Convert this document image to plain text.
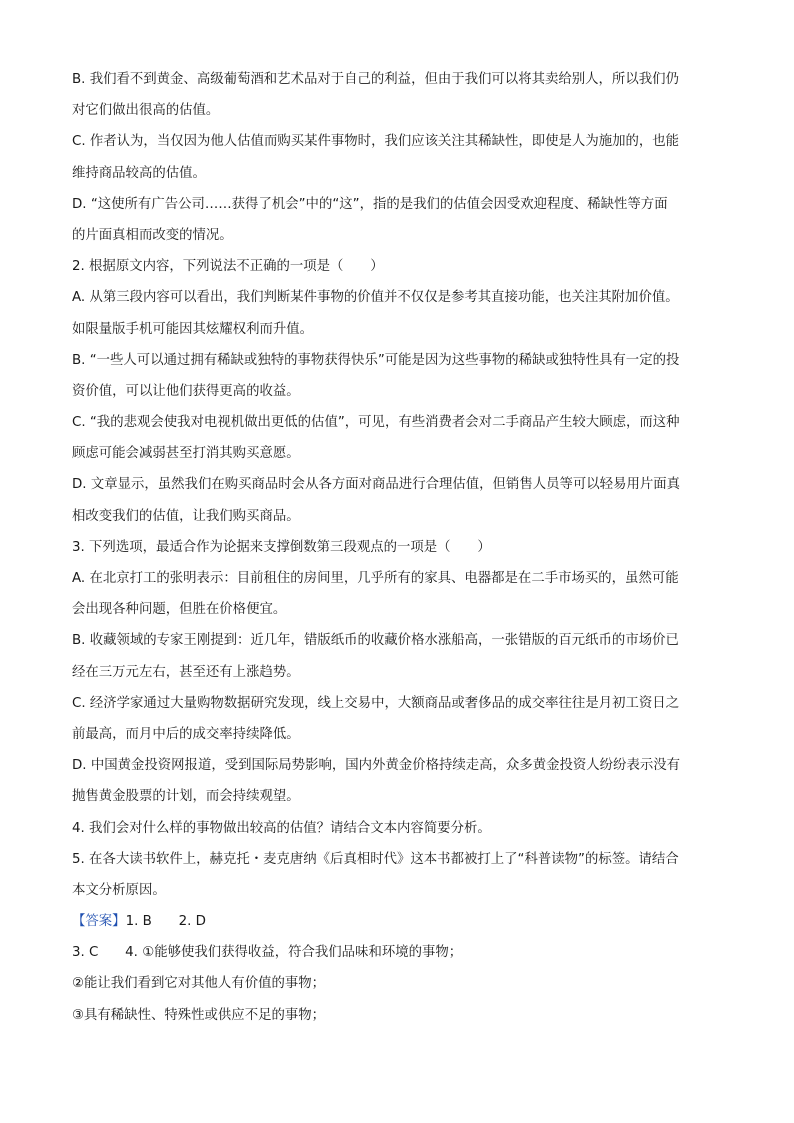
B. 我们看不到黄金、高级葡萄酒和艺术品对于自己的利益，但由于我们可以将其卖给别人，所以我们仍
对它们做出很高的估值。
C. 作者认为，当仅因为他人估值而购买某件事物时，我们应该关注其稀缺性，即使是人为施加的，也能
维持商品较高的估值。
D. “这使所有广告公司……获得了机会”中的“这”，指的是我们的估值会因受欢迎程度、稀缺性等方面
的片面真相而改变的情况。
2. 根据原文内容，下列说法不正确的一项是（　　）
A. 从第三段内容可以看出，我们判断某件事物的价值并不仅仅是参考其直接功能，也关注其附加价值。
如限量版手机可能因其炫耀权利而升值。
B. “一些人可以通过拥有稀缺或独特的事物获得快乐”可能是因为这些事物的稀缺或独特性具有一定的投
资价值，可以让他们获得更高的收益。
C. “我的悲观会使我对电视机做出更低的估值”，可见，有些消费者会对二手商品产生较大顾虑，而这种
顾虑可能会减弱甚至打消其购买意愿。
D. 文章显示，虽然我们在购买商品时会从各方面对商品进行合理估值，但销售人员等可以轻易用片面真
相改变我们的估值，让我们购买商品。
3. 下列选项，最适合作为论据来支撑倒数第三段观点的一项是（　　）
A. 在北京打工的张明表示：目前租住的房间里，几乎所有的家具、电器都是在二手市场买的，虽然可能
会出现各种问题，但胜在价格便宜。
B. 收藏领域的专家王刚提到：近几年，错版纸币的收藏价格水涨船高，一张错版的百元纸币的市场价已
经在三万元左右，甚至还有上涨趋势。
C. 经济学家通过大量购物数据研究发现，线上交易中，大额商品或奢侈品的成交率往往是月初工资日之
前最高，而月中后的成交率持续降低。
D. 中国黄金投资网报道，受到国际局势影响，国内外黄金价格持续走高，众多黄金投资人纷纷表示没有
抛售黄金股票的计划，而会持续观望。
4. 我们会对什么样的事物做出较高的估值？请结合文本内容简要分析。
5. 在各大读书软件上，赫克托・麦克唐纳《后真相时代》这本书都被打上了“科普读物”的标签。请结合
本文分析原因。
【答案】1. B　　2. D
3. C　　4. ①能够使我们获得收益，符合我们品味和环境的事物；
②能让我们看到它对其他人有价值的事物；
③具有稀缺性、特殊性或供应不足的事物；
